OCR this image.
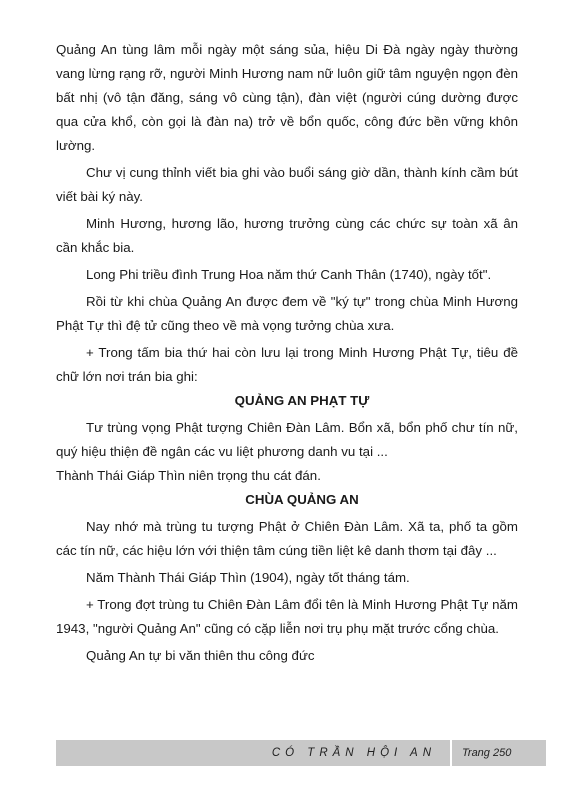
Quảng An tùng lâm mỗi ngày một sáng sủa, hiệu Di Đà ngày ngày thường vang lừng rạng rỡ, người Minh Hương nam nữ luôn giữ tâm nguyện ngọn đèn bất nhị (vô tận đăng, sáng vô cùng tận), đàn việt (người cúng dường được qua cửa khổ, còn gọi là đàn na) trở về bổn quốc, công đức bền vững khôn lường.

Chư vị cung thỉnh viết bia ghi vào buổi sáng giờ dần, thành kính cầm bút viết bài ký này.

Minh Hương, hương lão, hương trưởng cùng các chức sự toàn xã ân cần khắc bia.

Long Phi triều đình Trung Hoa năm thứ Canh Thân (1740), ngày tốt".

Rồi từ khi chùa Quảng An được đem về "ký tự" trong chùa Minh Hương Phật Tự thì đệ tử cũng theo về mà vọng tưởng chùa xưa.

+ Trong tấm bia thứ hai còn lưu lại trong Minh Hương Phật Tự, tiêu đề chữ lớn nơi trán bia ghi:

QUẢNG AN PHẠT TỰ

Tư trùng vọng Phật tượng Chiên Đàn Lâm. Bổn xã, bổn phố chư tín nữ, quý hiệu thiện đề ngân các vu liệt phương danh vu tại ...

Thành Thái Giáp Thìn niên trọng thu cát đán.

CHÙA QUẢNG AN

Nay nhớ mà trùng tu tượng Phật ở Chiên Đàn Lâm. Xã ta, phố ta gồm các tín nữ, các hiệu lớn với thiện tâm cúng tiền liệt kê danh thơm tại đây ...

Năm Thành Thái Giáp Thìn (1904), ngày tốt tháng tám.

+ Trong đợt trùng tu Chiên Đàn Lâm đổi tên là Minh Hương Phật Tự năm 1943, "người Quảng An" cũng có cặp liễn nơi trụ phụ mặt trước cổng chùa.

Quảng An tự bi văn thiên thu công đức

CÓ TRẦN HỘI AN	Trang 250
